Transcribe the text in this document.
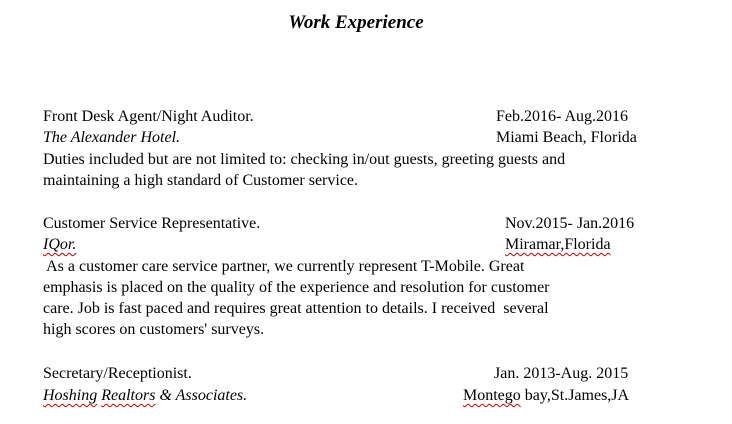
Work Experience
Front Desk Agent/Night Auditor.	Feb.2016- Aug.2016
The Alexander Hotel.	Miami Beach, Florida
Duties included but are not limited to: checking in/out guests, greeting guests and
maintaining a high standard of Customer service.
Customer Service Representative.	Nov.2015- Jan.2016
IQor.	Miramar,Florida
As a customer care service partner, we currently represent T-Mobile. Great
emphasis is placed on the quality of the experience and resolution for customer
care. Job is fast paced and requires great attention to details. I received  several
high scores on customers' surveys.
Secretary/Receptionist.	Jan. 2013-Aug. 2015
Hoshing Realtors & Associates.	Montego bay,St.James,JA
